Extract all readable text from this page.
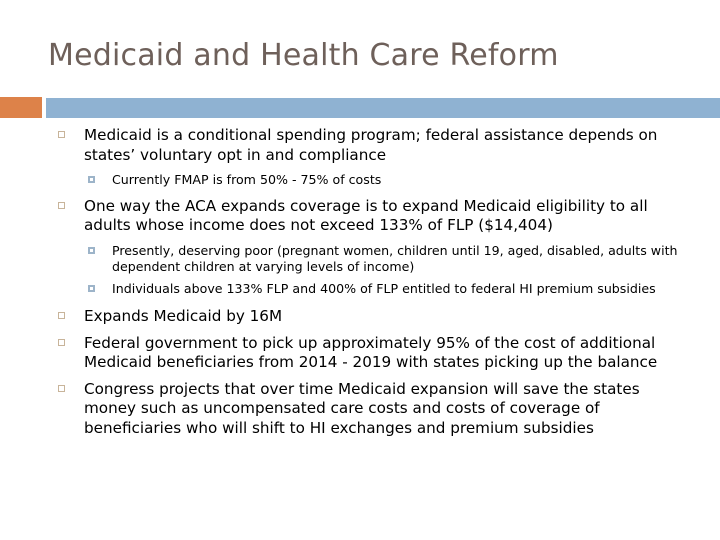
Medicaid and Health Care Reform
Medicaid is a conditional spending program; federal assistance depends on states’ voluntary opt in and compliance
Currently FMAP is from 50% - 75% of costs
One way the ACA expands coverage is to expand Medicaid eligibility to all adults whose income does not exceed 133% of FLP ($14,404)
Presently, deserving poor (pregnant women, children until 19, aged, disabled, adults with dependent children at varying levels of income)
Individuals above 133% FLP and 400% of FLP entitled to federal HI premium subsidies
Expands Medicaid by 16M
Federal government to pick up approximately 95% of the cost of additional Medicaid beneficiaries from 2014 - 2019 with states picking up the balance
Congress projects that over time Medicaid expansion will save the states money such as uncompensated care costs and costs of coverage of beneficiaries who will shift to HI exchanges and premium subsidies
